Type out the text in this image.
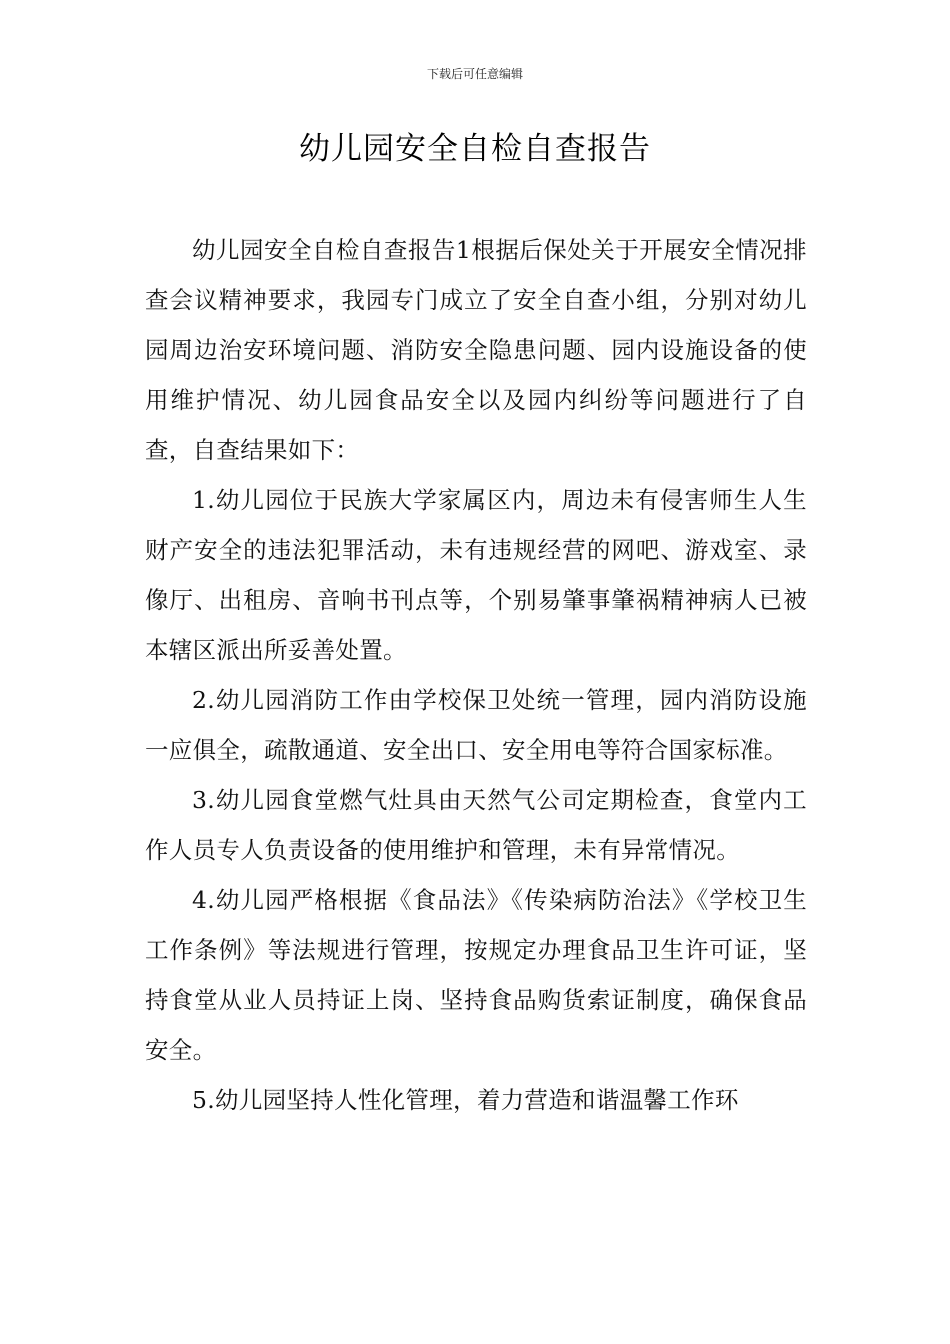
下载后可任意编辑
幼儿园安全自检自查报告

幼儿园安全自检自查报告1根据后保处关于开展安全情况排查会议精神要求，我园专门成立了安全自查小组，分别对幼儿园周边治安环境问题、消防安全隐患问题、园内设施设备的使用维护情况、幼儿园食品安全以及园内纠纷等问题进行了自查，自查结果如下：

1.幼儿园位于民族大学家属区内，周边未有侵害师生人生财产安全的违法犯罪活动，未有违规经营的网吧、游戏室、录像厅、出租房、音响书刊点等，个别易肇事肇祸精神病人已被本辖区派出所妥善处置。

2.幼儿园消防工作由学校保卫处统一管理，园内消防设施一应俱全，疏散通道、安全出口、安全用电等符合国家标准。

3.幼儿园食堂燃气灶具由天然气公司定期检查，食堂内工作人员专人负责设备的使用维护和管理，未有异常情况。

4.幼儿园严格根据《食品法》《传染病防治法》《学校卫生工作条例》等法规进行管理，按规定办理食品卫生许可证，坚持食堂从业人员持证上岗、坚持食品购货索证制度，确保食品安全。

5.幼儿园坚持人性化管理，着力营造和谐温馨工作环
